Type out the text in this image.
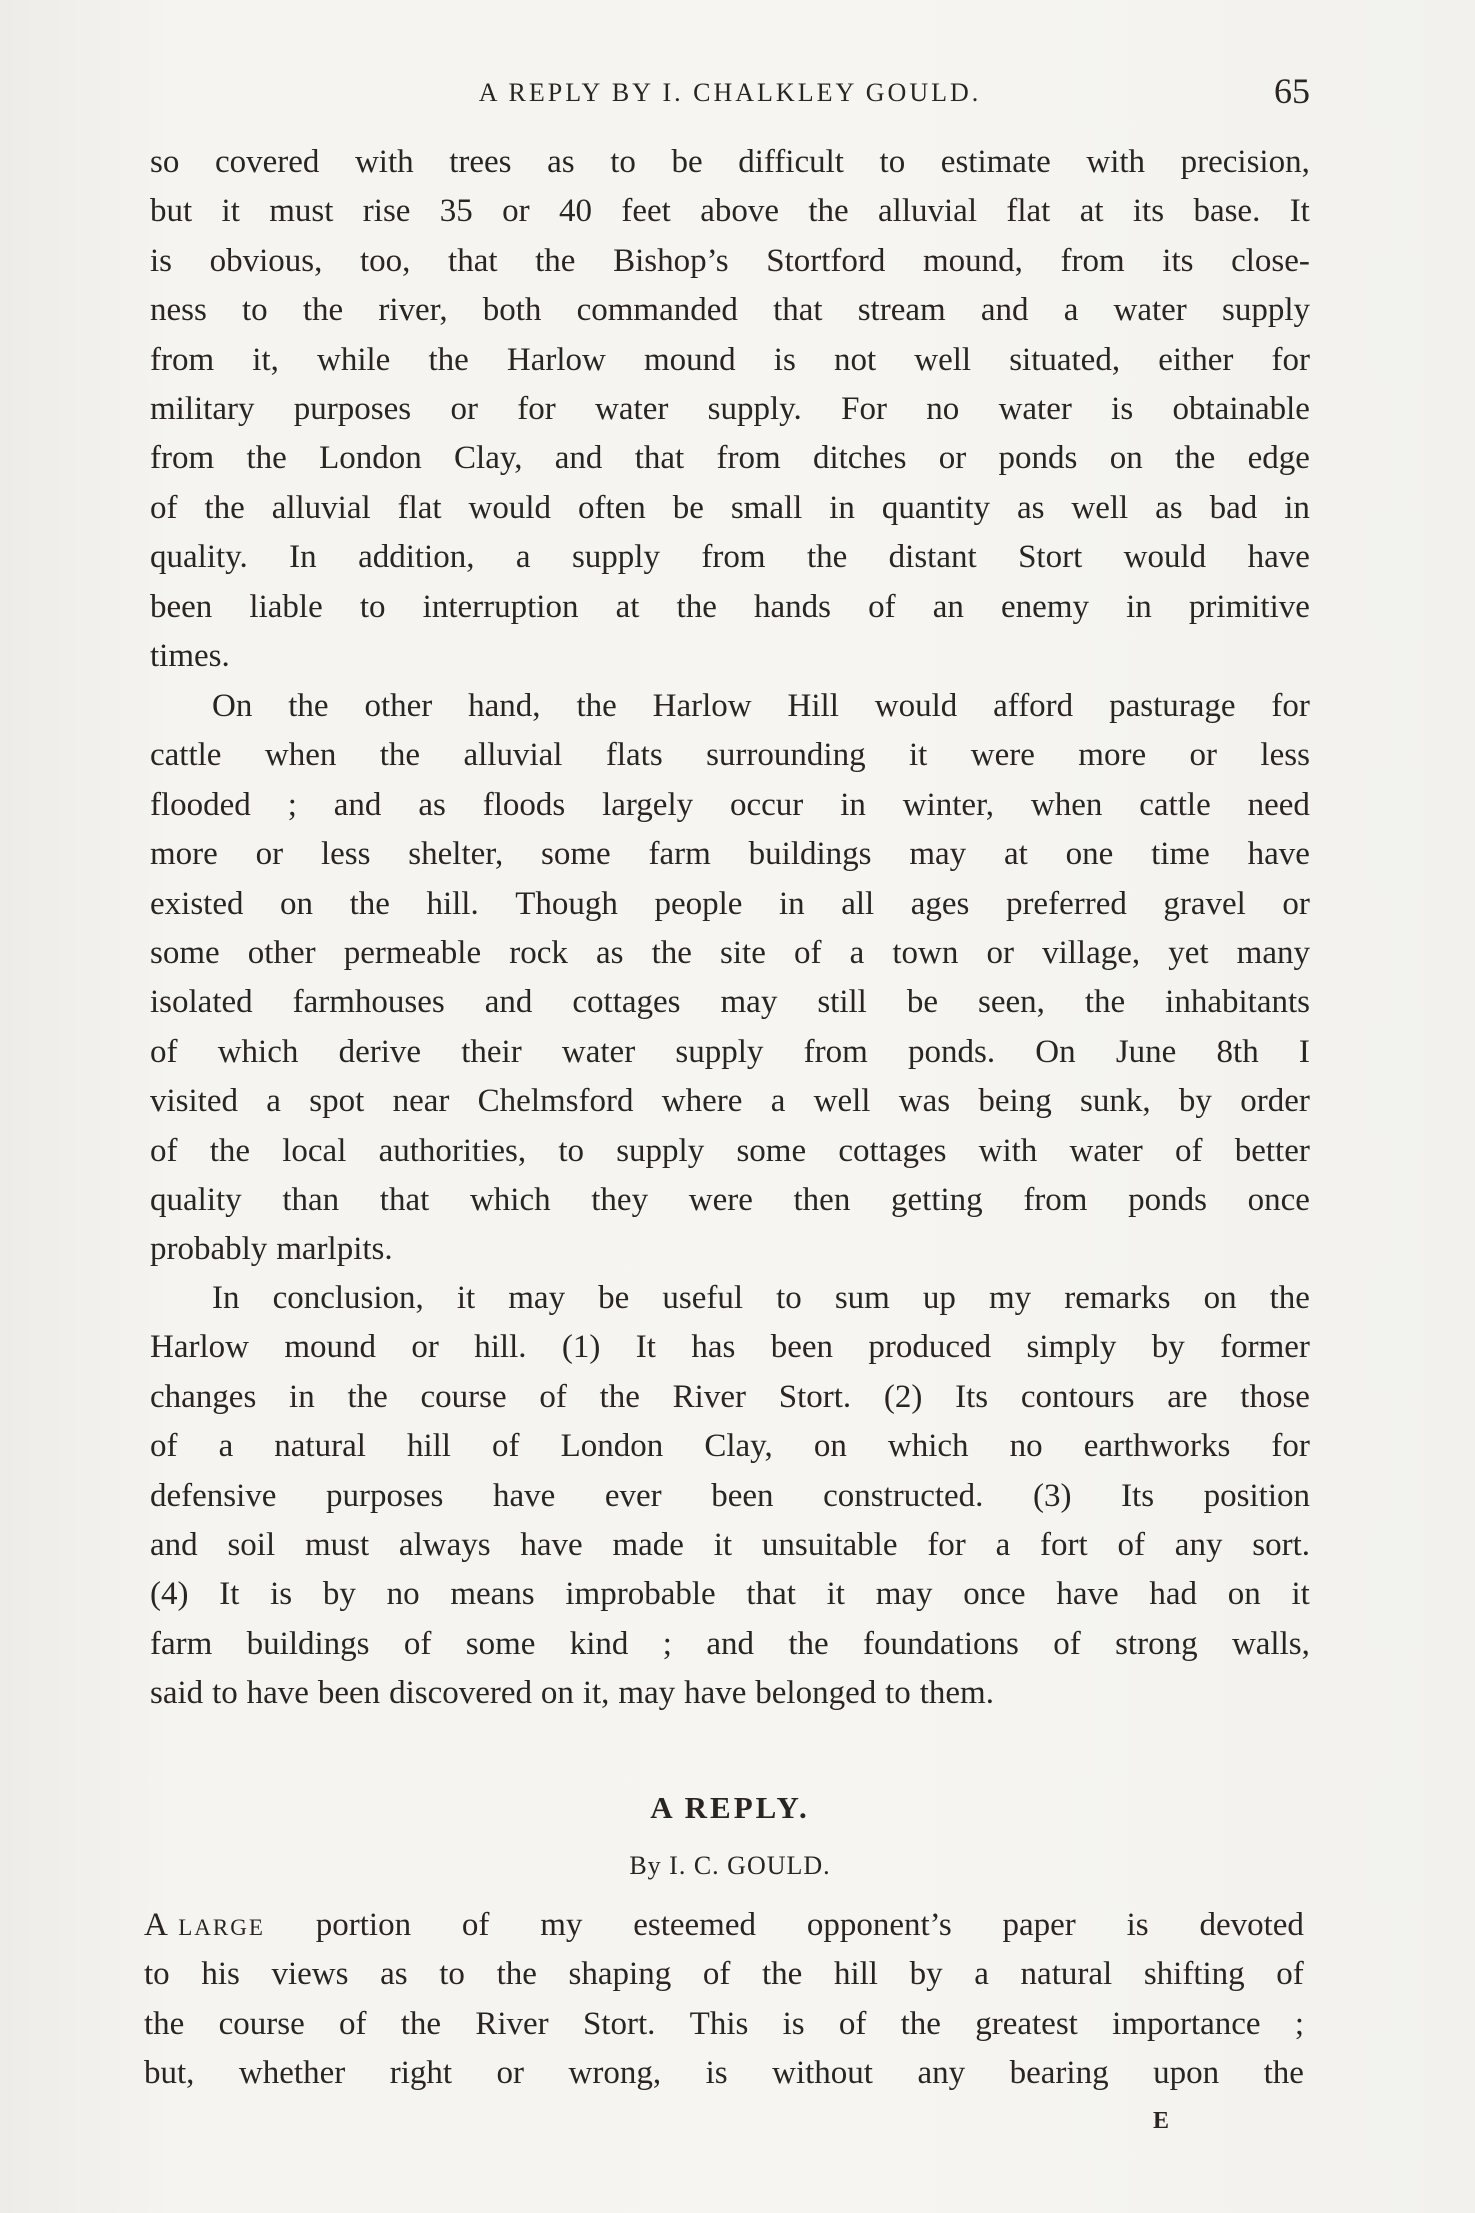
A REPLY BY I. CHALKLEY GOULD.	65
so covered with trees as to be difficult to estimate with precision,
but it must rise 35 or 40 feet above the alluvial flat at its base. It
is obvious, too, that the Bishop’s Stortford mound, from its close-
ness to the river, both commanded that stream and a water supply
from it, while the Harlow mound is not well situated, either for
military purposes or for water supply. For no water is obtainable
from the London Clay, and that from ditches or ponds on the edge
of the alluvial flat would often be small in quantity as well as bad in
quality. In addition, a supply from the distant Stort would have
been liable to interruption at the hands of an enemy in primitive
times.
On the other hand, the Harlow Hill would afford pasturage for
cattle when the alluvial flats surrounding it were more or less
flooded ; and as floods largely occur in winter, when cattle need
more or less shelter, some farm buildings may at one time have
existed on the hill. Though people in all ages preferred gravel or
some other permeable rock as the site of a town or village, yet many
isolated farmhouses and cottages may still be seen, the inhabitants
of which derive their water supply from ponds. On June 8th I
visited a spot near Chelmsford where a well was being sunk, by order
of the local authorities, to supply some cottages with water of better
quality than that which they were then getting from ponds once
probably marlpits.
In conclusion, it may be useful to sum up my remarks on the
Harlow mound or hill. (1) It has been produced simply by former
changes in the course of the River Stort. (2) Its contours are those
of a natural hill of London Clay, on which no earthworks for
defensive purposes have ever been constructed. (3) Its position
and soil must always have made it unsuitable for a fort of any sort.
(4) It is by no means improbable that it may once have had on it
farm buildings of some kind ; and the foundations of strong walls,
said to have been discovered on it, may have belonged to them.
A REPLY.
By I. C. GOULD.
A large portion of my esteemed opponent’s paper is devoted
to his views as to the shaping of the hill by a natural shifting of
the course of the River Stort. This is of the greatest importance ;
but, whether right or wrong, is without any bearing upon the
E
